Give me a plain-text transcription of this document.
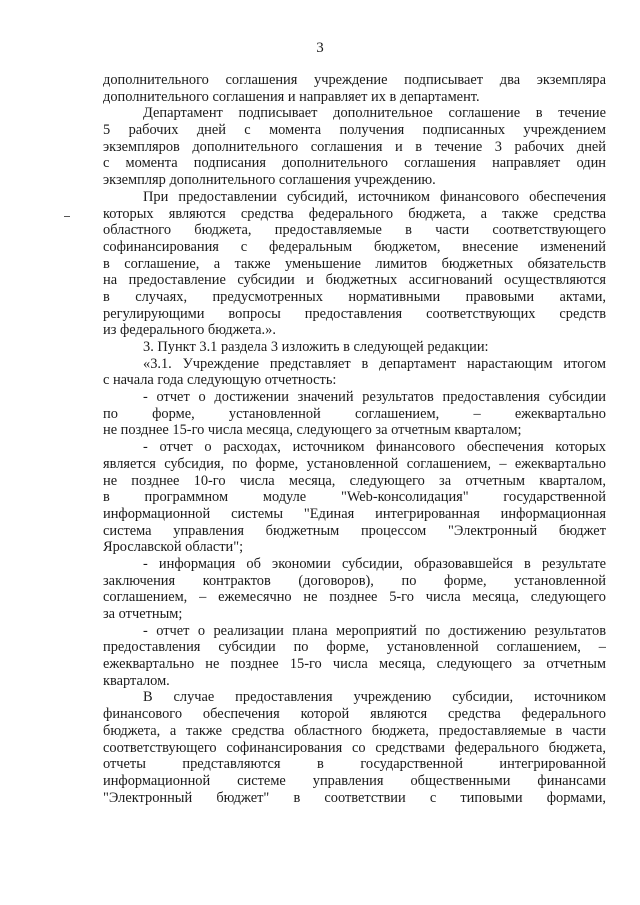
3
дополнительного соглашения учреждение подписывает два экземпляра
дополнительного соглашения и направляет их в департамент.
Департамент подписывает дополнительное соглашение в течение
5 рабочих дней с момента получения подписанных учреждением
экземпляров дополнительного соглашения и в течение 3 рабочих дней
с момента подписания дополнительного соглашения направляет один
экземпляр дополнительного соглашения учреждению.
При предоставлении субсидий, источником финансового обеспечения
которых являются средства федерального бюджета, а также средства
областного бюджета, предоставляемые в части соответствующего
софинансирования с федеральным бюджетом, внесение изменений
в соглашение, а также уменьшение лимитов бюджетных обязательств
на предоставление субсидии и бюджетных ассигнований осуществляются
в случаях, предусмотренных нормативными правовыми актами,
регулирующими вопросы предоставления соответствующих средств
из федерального бюджета.».
3. Пункт 3.1 раздела 3 изложить в следующей редакции:
«3.1. Учреждение представляет в департамент нарастающим итогом
с начала года следующую отчетность:
- отчет о достижении значений результатов предоставления субсидии
по форме, установленной соглашением, – ежеквартально
не позднее 15-го числа месяца, следующего за отчетным кварталом;
- отчет о расходах, источником финансового обеспечения которых
является субсидия, по форме, установленной соглашением, – ежеквартально
не позднее 10-го числа месяца, следующего за отчетным кварталом,
в программном модуле "Web-консолидация" государственной
информационной системы "Единая интегрированная информационная
система управления бюджетным процессом "Электронный бюджет
Ярославской области";
- информация об экономии субсидии, образовавшейся в результате
заключения контрактов (договоров), по форме, установленной
соглашением, – ежемесячно не позднее 5-го числа месяца, следующего
за отчетным;
- отчет о реализации плана мероприятий по достижению результатов
предоставления субсидии по форме, установленной соглашением, –
ежеквартально не позднее 15-го числа месяца, следующего за отчетным
кварталом.
В случае предоставления учреждению субсидии, источником
финансового обеспечения которой являются средства федерального
бюджета, а также средства областного бюджета, предоставляемые в части
соответствующего софинансирования со средствами федерального бюджета,
отчеты представляются в государственной интегрированной
информационной системе управления общественными финансами
"Электронный бюджет" в соответствии с типовыми формами,
